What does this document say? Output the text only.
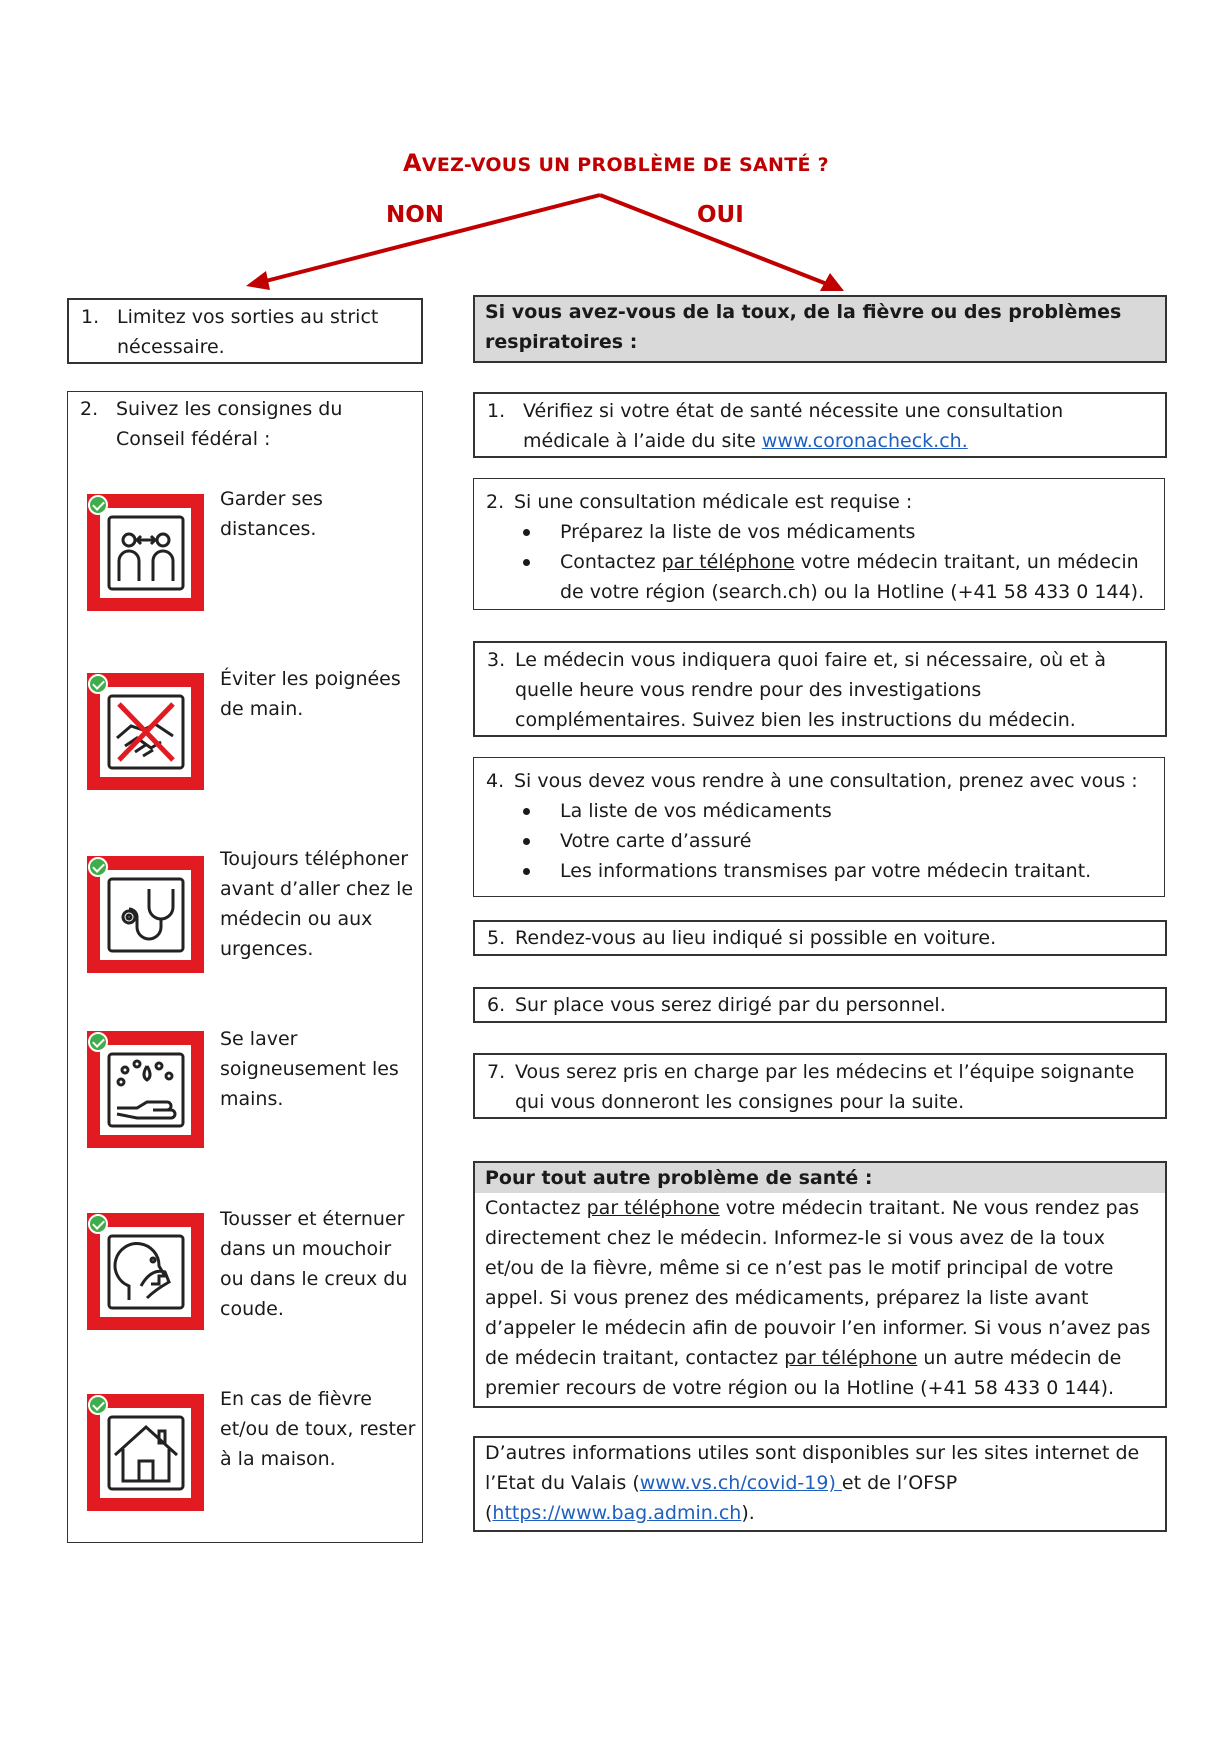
AVEZ-VOUS UN PROBLÈME DE SANTÉ ?
NON	OUI
1. Limitez vos sorties au strict nécessaire.
2. Suivez les consignes du Conseil fédéral :
Garder ses distances.
Éviter les poignées de main.
Toujours téléphoner avant d’aller chez le médecin ou aux urgences.
Se laver soigneusement les mains.
Tousser et éternuer dans un mouchoir ou dans le creux du coude.
En cas de fièvre et/ou de toux, rester à la maison.
Si vous avez-vous de la toux, de la fièvre ou des problèmes respiratoires :
1. Vérifiez si votre état de santé nécessite une consultation médicale à l’aide du site www.coronacheck.ch.
2. Si une consultation médicale est requise :
Préparez la liste de vos médicaments
Contactez par téléphone votre médecin traitant, un médecin de votre région (search.ch) ou la Hotline (+41 58 433 0 144).
3. Le médecin vous indiquera quoi faire et, si nécessaire, où et à quelle heure vous rendre pour des investigations complémentaires. Suivez bien les instructions du médecin.
4. Si vous devez vous rendre à une consultation, prenez avec vous :
La liste de vos médicaments
Votre carte d’assuré
Les informations transmises par votre médecin traitant.
5. Rendez-vous au lieu indiqué si possible en voiture.
6. Sur place vous serez dirigé par du personnel.
7. Vous serez pris en charge par les médecins et l’équipe soignante qui vous donneront les consignes pour la suite.
Pour tout autre problème de santé :
Contactez par téléphone votre médecin traitant. Ne vous rendez pas directement chez le médecin. Informez-le si vous avez de la toux et/ou de la fièvre, même si ce n’est pas le motif principal de votre appel. Si vous prenez des médicaments, préparez la liste avant d’appeler le médecin afin de pouvoir l’en informer. Si vous n’avez pas de médecin traitant, contactez par téléphone un autre médecin de premier recours de votre région ou la Hotline (+41 58 433 0 144).
D’autres informations utiles sont disponibles sur les sites internet de l’Etat du Valais (www.vs.ch/covid-19) et de l’OFSP (https://www.bag.admin.ch).
